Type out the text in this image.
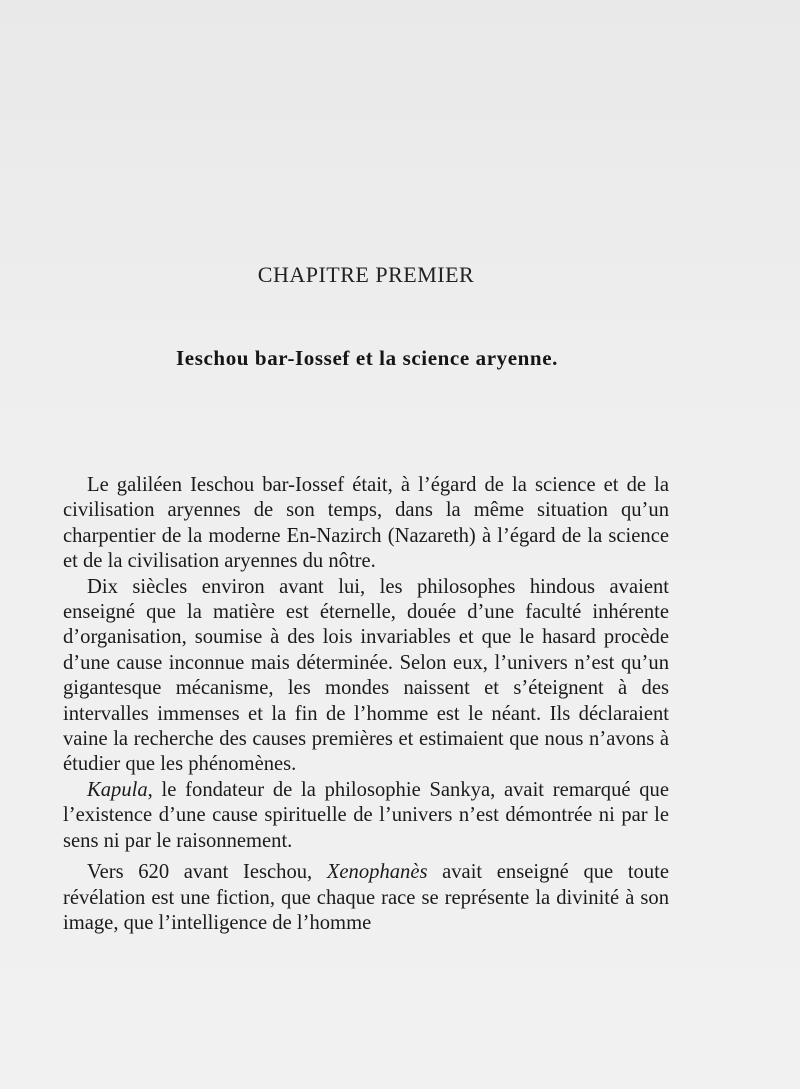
CHAPITRE PREMIER
Ieschou bar-Iossef et la science aryenne.

Le galiléen Ieschou bar-Iossef était, à l’égard de la science et de la civilisation aryennes de son temps, dans la même situation qu’un charpentier de la moderne En-Nazirch (Nazareth) à l’égard de la science et de la civilisation aryennes du nôtre.

Dix siècles environ avant lui, les philosophes hindous avaient enseigné que la matière est éternelle, douée d’une faculté inhérente d’organisation, soumise à des lois invariables et que le hasard procède d’une cause inconnue mais déterminée. Selon eux, l’univers n’est qu’un gigantesque mécanisme, les mondes naissent et s’éteignent à des intervalles immenses et la fin de l’homme est le néant. Ils déclaraient vaine la recherche des causes premières et estimaient que nous n’avons à étudier que les phénomènes.

Kapula, le fondateur de la philosophie Sankya, avait remarqué que l’existence d’une cause spirituelle de l’univers n’est démontrée ni par le sens ni par le raisonnement.

Vers 620 avant Ieschou, Xenophanès avait enseigné que toute révélation est une fiction, que chaque race se représente la divinité à son image, que l’intelligence de l’homme
